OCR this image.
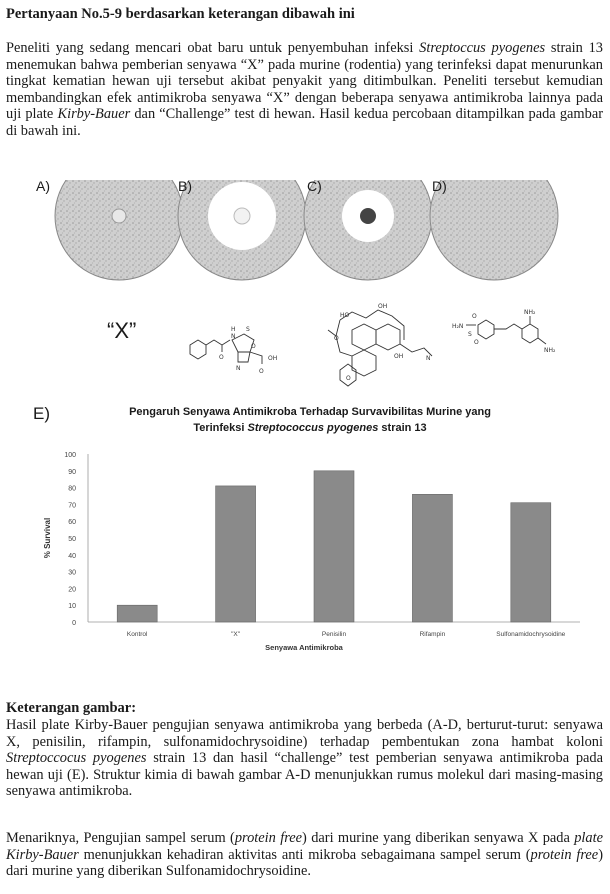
Pertanyaan No.5-9 berdasarkan keterangan dibawah ini
Peneliti yang sedang mencari obat baru untuk penyembuhan infeksi Streptoccus pyogenes strain 13 menemukan bahwa pemberian senyawa “X” pada murine (rodentia) yang terinfeksi dapat menurunkan tingkat kematian hewan uji tersebut akibat penyakit yang ditimbulkan. Peneliti tersebut kemudian membandingkan efek antimikroba senyawa “X” dengan beberapa senyawa antimikroba lainnya pada uji plate Kirby-Bauer dan “Challenge” test di hewan. Hasil kedua percobaan ditampilkan pada gambar di bawah ini.
A)	B)	C)	D)
“X”	H
N
S
O
O
N	O
OH
HO
OH
O
OH	N
O
H₂N
O
S
O
NH₂
NH₂
E)	Pengaruh Senyawa Antimikroba Terhadap Survavibilitas Murine yang
Terinfeksi Streptococcus pyogenes strain 13
0
10
20
30
40
50
60
70
80
90
100
Kontrol	"X"	Penisilin	Rifampin	Sulfonamidochrysoidine
Senyawa Antimikroba
% Survival
Keterangan gambar:
Hasil plate Kirby-Bauer pengujian senyawa antimikroba yang berbeda (A-D, berturut-turut: senyawa X, penisilin, rifampin, sulfonamidochrysoidine) terhadap pembentukan zona hambat koloni Streptoccocus pyogenes strain 13 dan hasil “challenge” test pemberian senyawa antimikroba pada hewan uji (E). Struktur kimia di bawah gambar A-D menunjukkan rumus molekul dari masing-masing senyawa antimikroba.
Menariknya, Pengujian sampel serum (protein free) dari murine yang diberikan senyawa X pada plate Kirby-Bauer menunjukkan kehadiran aktivitas anti mikroba sebagaimana sampel serum (protein free) dari murine yang diberikan Sulfonamidochrysoidine.
